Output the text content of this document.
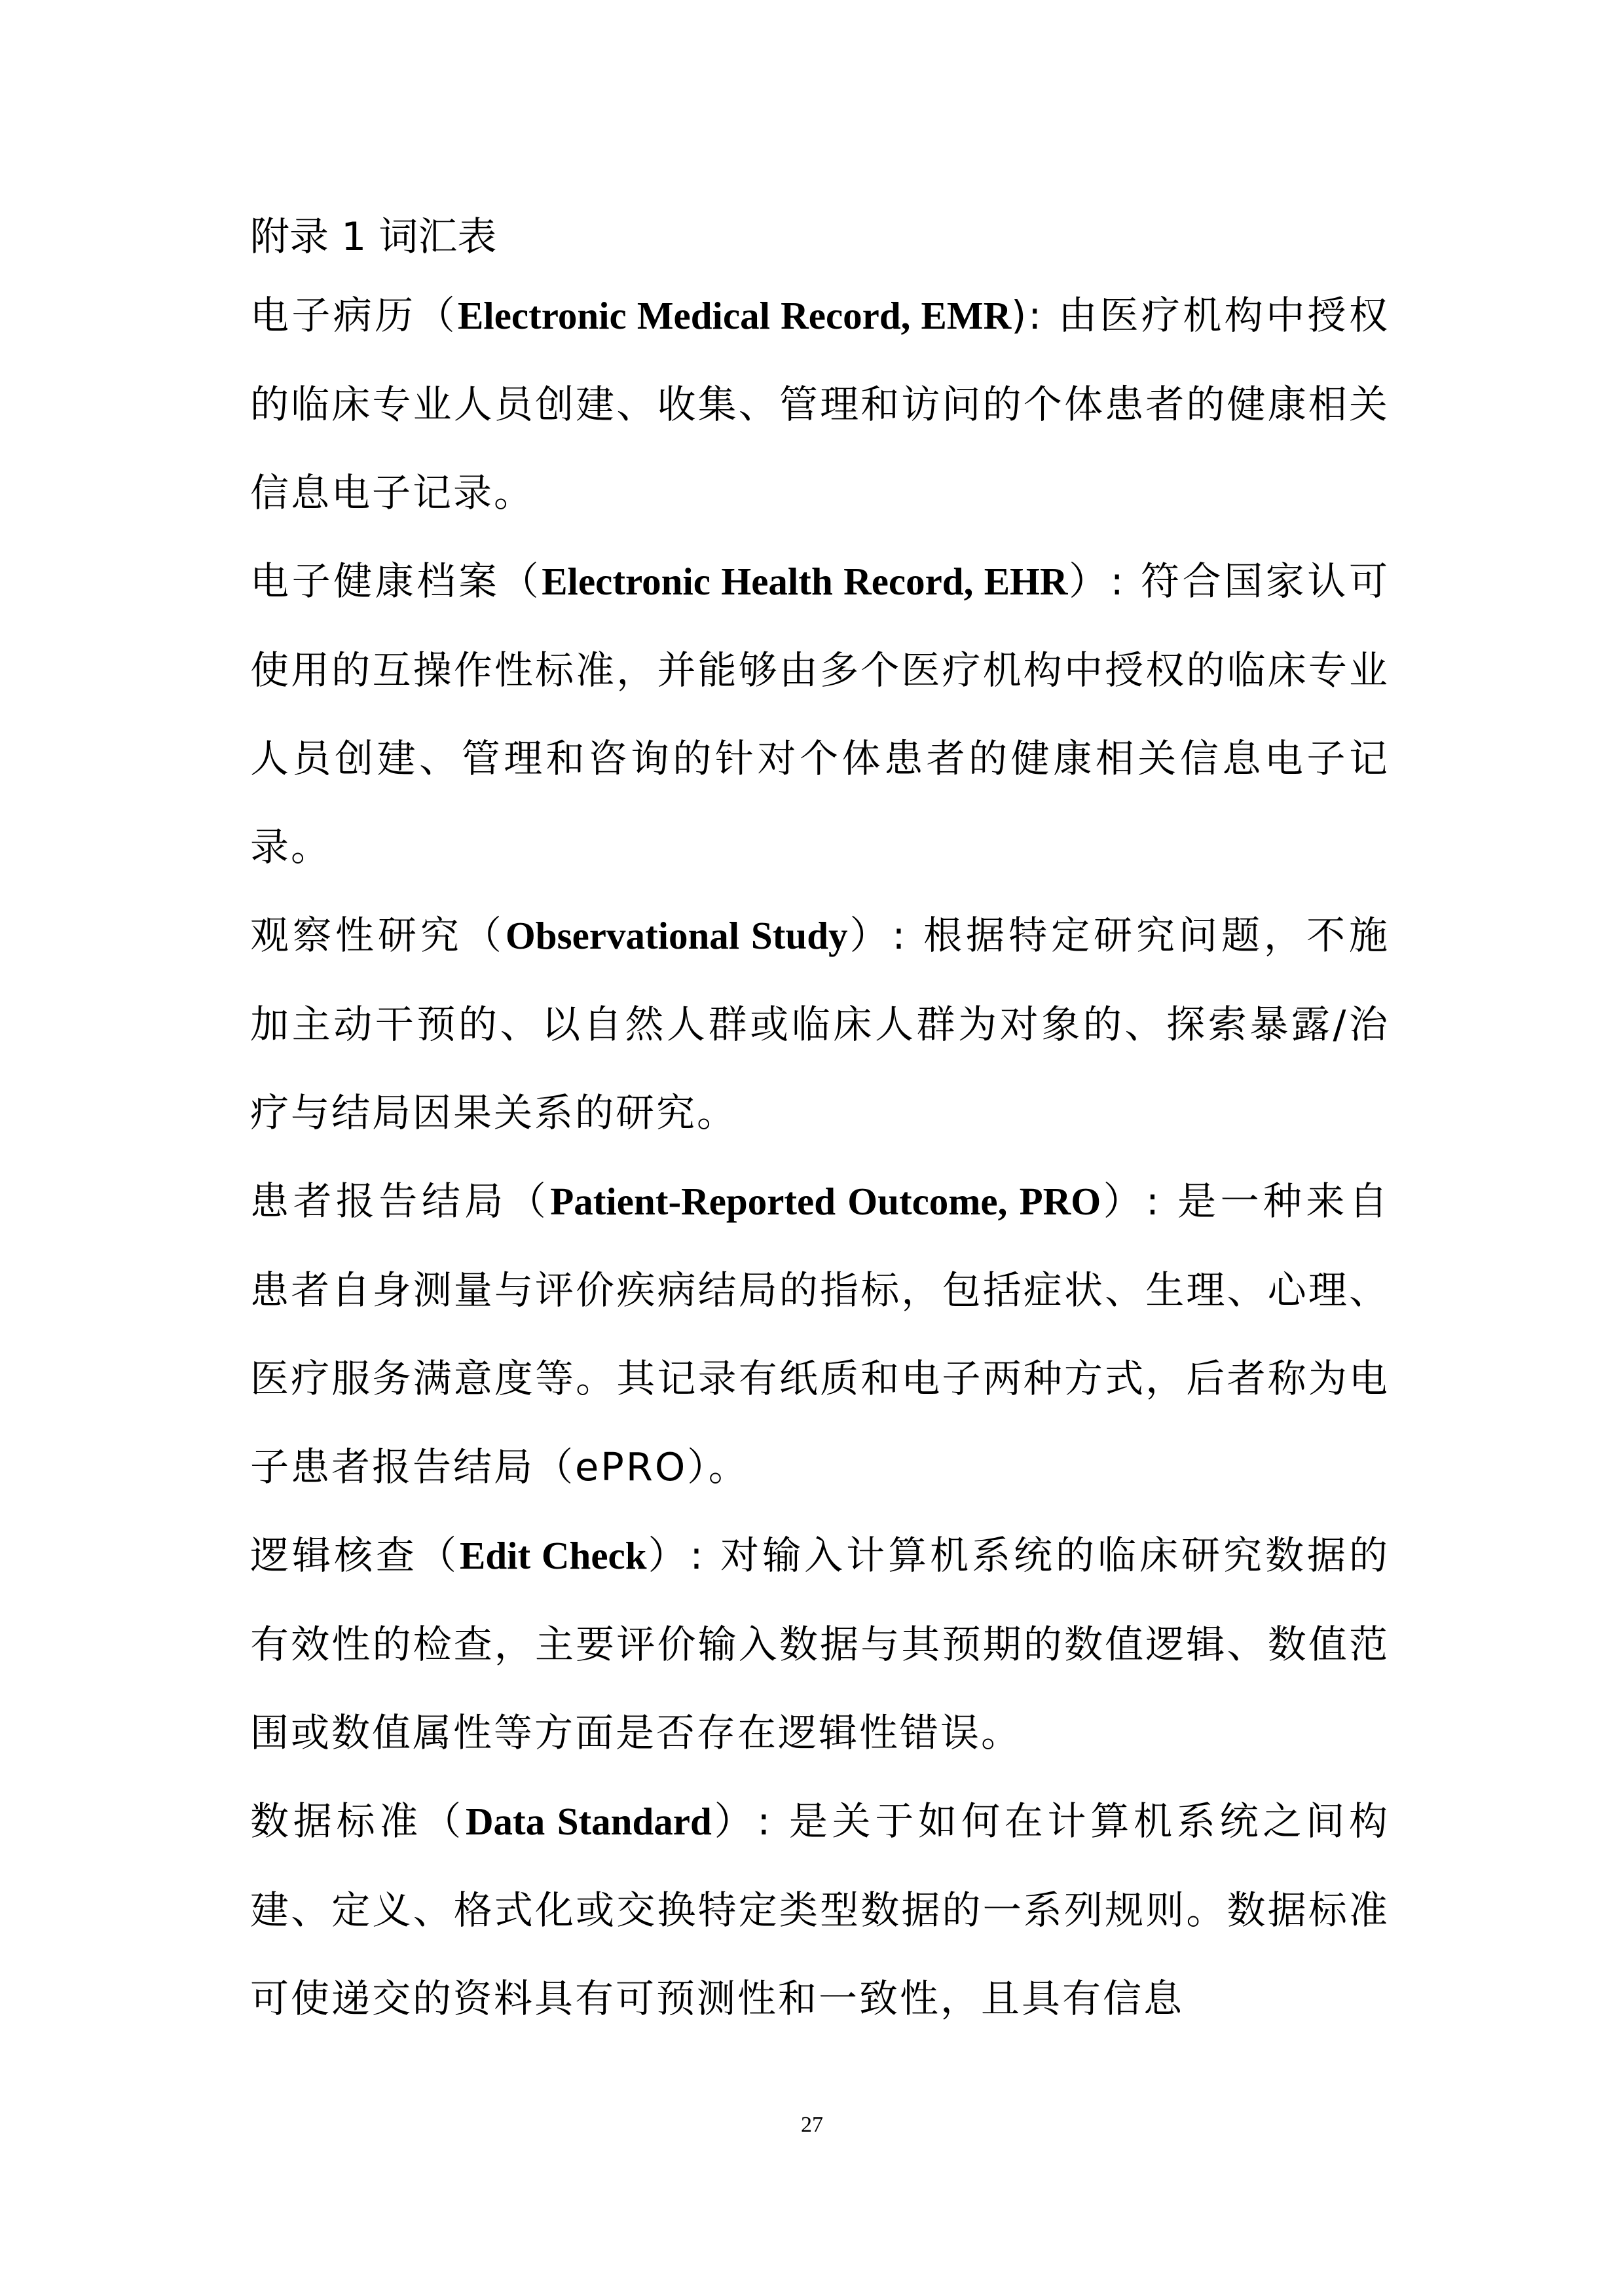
附录 1 词汇表

电子病历（Electronic Medical Record, EMR): 由医疗机构中授权的临床专业人员创建、收集、管理和访问的个体患者的健康相关信息电子记录。

电子健康档案（Electronic Health Record, EHR）: 符合国家认可使用的互操作性标准，并能够由多个医疗机构中授权的临床专业人员创建、管理和咨询的针对个体患者的健康相关信息电子记录。

观察性研究（Observational Study）: 根据特定研究问题，不施加主动干预的、以自然人群或临床人群为对象的、探索暴露/治疗与结局因果关系的研究。

患者报告结局（Patient-Reported Outcome, PRO）: 是一种来自患者自身测量与评价疾病结局的指标，包括症状、生理、心理、医疗服务满意度等。其记录有纸质和电子两种方式，后者称为电子患者报告结局（ePRO）。

逻辑核查（Edit Check）: 对输入计算机系统的临床研究数据的有效性的检查，主要评价输入数据与其预期的数值逻辑、数值范围或数值属性等方面是否存在逻辑性错误。

数据标准（Data Standard）: 是关于如何在计算机系统之间构建、定义、格式化或交换特定类型数据的一系列规则。数据标准可使递交的资料具有可预测性和一致性，且具有信息

27
